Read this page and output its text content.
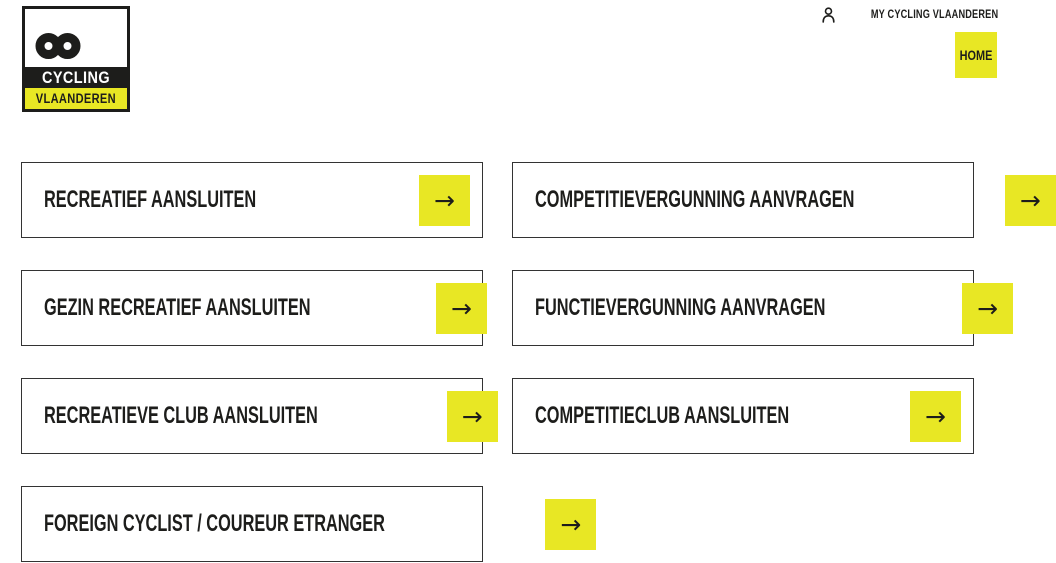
CYCLING
VLAANDEREN
MY CYCLING VLAANDEREN
HOME
RECREATIEF AANSLUITEN	→	COMPETITIEVERGUNNING AANVRAGEN	→
GEZIN RECREATIEF AANSLUITEN	→	FUNCTIEVERGUNNING AANVRAGEN	→
RECREATIEVE CLUB AANSLUITEN	→ COMPETITIECLUB AANSLUITEN	→
FOREIGN CYCLIST / COUREUR ETRANGER	→
